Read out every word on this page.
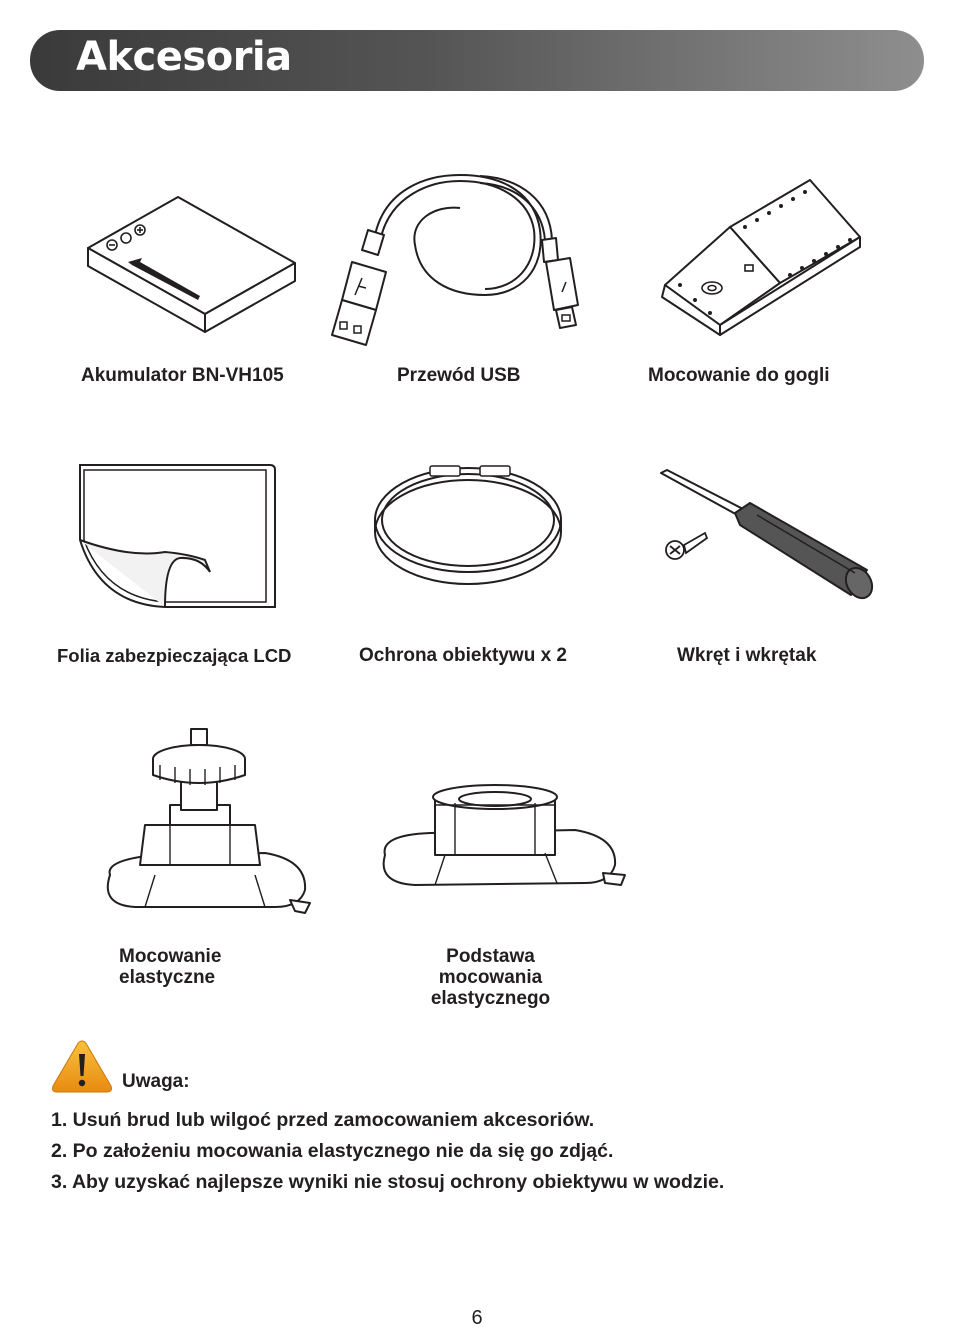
Akcesoria
Akumulator BN-VH105	Przewód USB	Mocowanie do gogli
Folia zabezpieczająca LCD	Ochrona obiektywu x 2	Wkręt i wkrętak
Mocowanie
elastyczne
Podstawa
mocowania
elastycznego
Uwaga:
1. Usuń brud lub wilgoć przed zamocowaniem akcesoriów.
2. Po założeniu mocowania elastycznego nie da się go zdjąć.
3. Aby uzyskać najlepsze wyniki nie stosuj ochrony obiektywu w wodzie.
6
